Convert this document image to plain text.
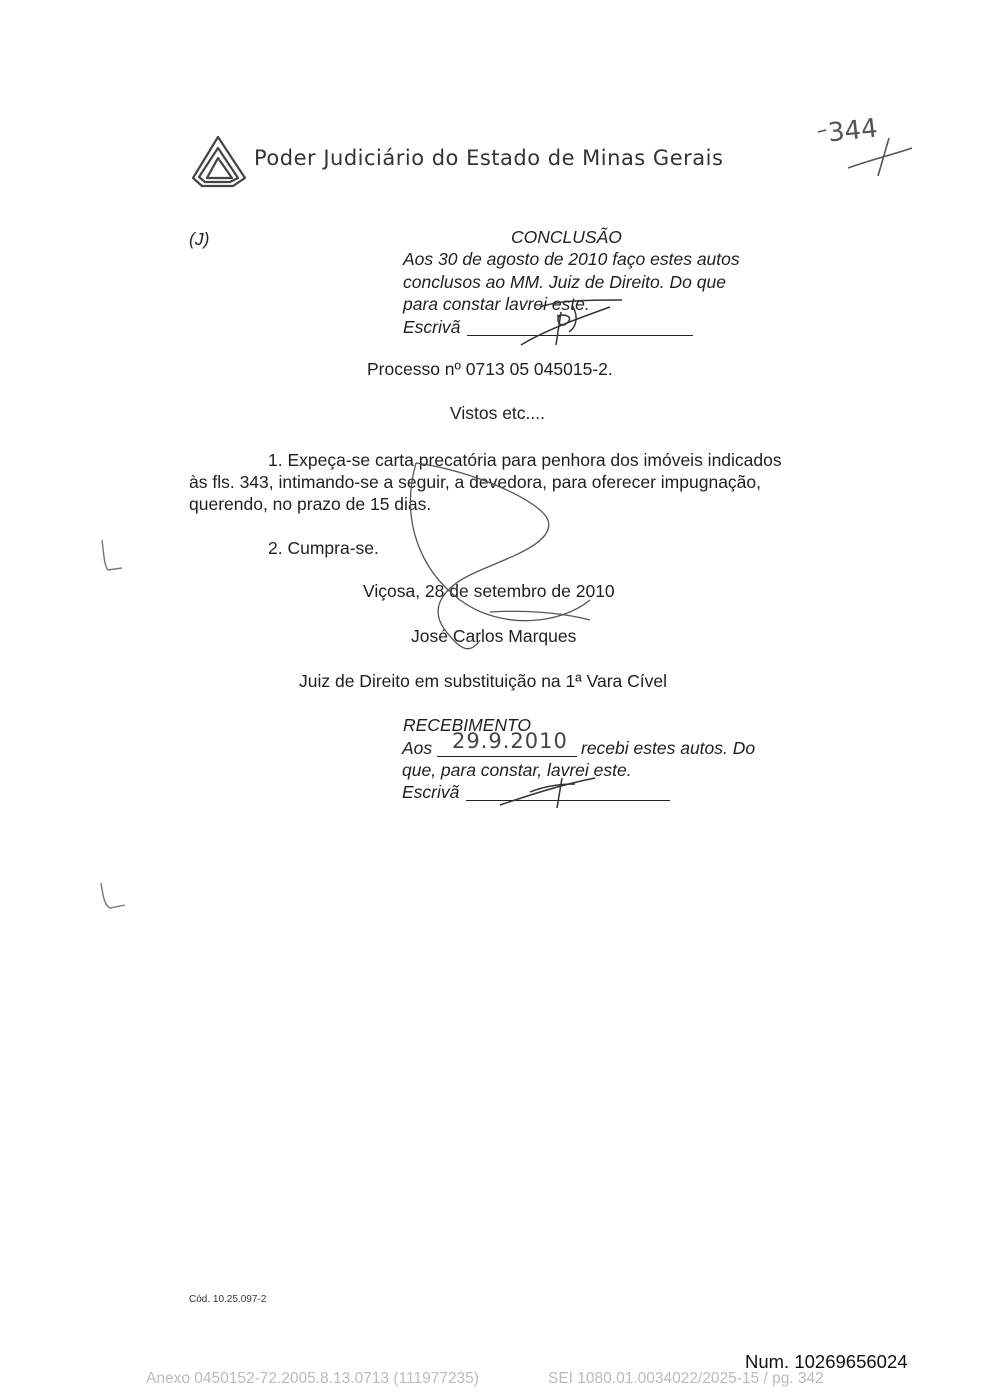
Poder Judiciário do Estado de Minas Gerais
344
(J)	CONCLUSÃO
Aos 30 de agosto de 2010 faço estes autos
conclusos ao MM. Juiz de Direito. Do que
para constar lavrei este.
Escrivã
Processo nº 0713 05 045015-2.
Vistos etc....
1. Expeça-se carta precatória para penhora dos imóveis indicados
às fls. 343, intimando-se a seguir, a devedora, para oferecer impugnação,
querendo, no prazo de 15 dias.
2. Cumpra-se.
Viçosa, 28 de setembro de 2010
José Carlos Marques
Juiz de Direito em substituição na 1ª Vara Cível
RECEBIMENTO
Aos 29.9.2010 recebi estes autos. Do
que, para constar, lavrei este.
Escrivã
Cód. 10.25.097-2
Num. 10269656024
Anexo 0450152-72.2005.8.13.0713 (111977235)	SEI 1080.01.0034022/2025-15 / pg. 342
